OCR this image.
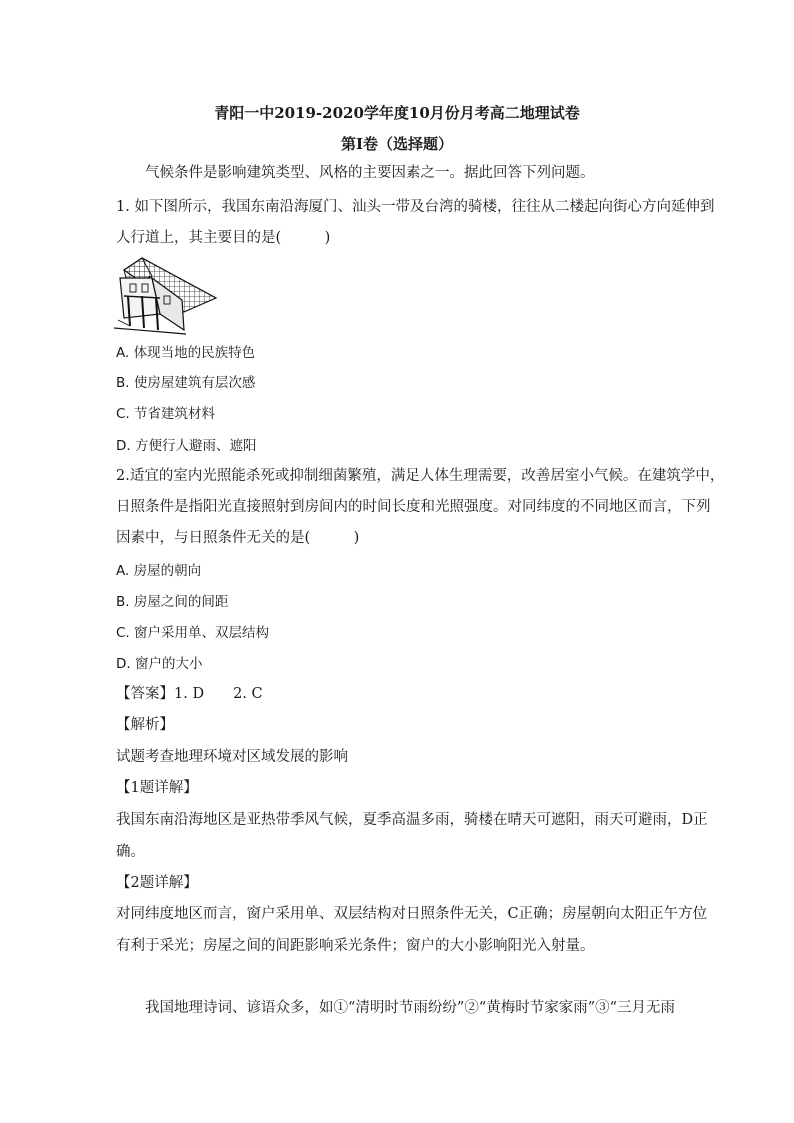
青阳一中2019-2020学年度10月份月考高二地理试卷
第I卷（选择题）
气候条件是影响建筑类型、风格的主要因素之一。据此回答下列问题。
1. 如下图所示，我国东南沿海厦门、汕头一带及台湾的骑楼，往往从二楼起向街心方向延伸到
人行道上，其主要目的是(　　　)
A. 体现当地的民族特色
B. 使房屋建筑有层次感
C. 节省建筑材料
D. 方便行人避雨、遮阳
2.适宜的室内光照能杀死或抑制细菌繁殖，满足人体生理需要，改善居室小气候。在建筑学中，
日照条件是指阳光直接照射到房间内的时间长度和光照强度。对同纬度的不同地区而言，下列
因素中，与日照条件无关的是(　　　)
A. 房屋的朝向
B. 房屋之间的间距
C. 窗户采用单、双层结构
D. 窗户的大小
【答案】1. D　　2. C
【解析】
试题考查地理环境对区域发展的影响
【1题详解】
我国东南沿海地区是亚热带季风气候，夏季高温多雨，骑楼在晴天可遮阳，雨天可避雨，D正
确。
【2题详解】
对同纬度地区而言，窗户采用单、双层结构对日照条件无关，C正确；房屋朝向太阳正午方位
有利于采光；房屋之间的间距影响采光条件；窗户的大小影响阳光入射量。
我国地理诗词、谚语众多，如①“清明时节雨纷纷”②“黄梅时节家家雨”③“三月无雨
